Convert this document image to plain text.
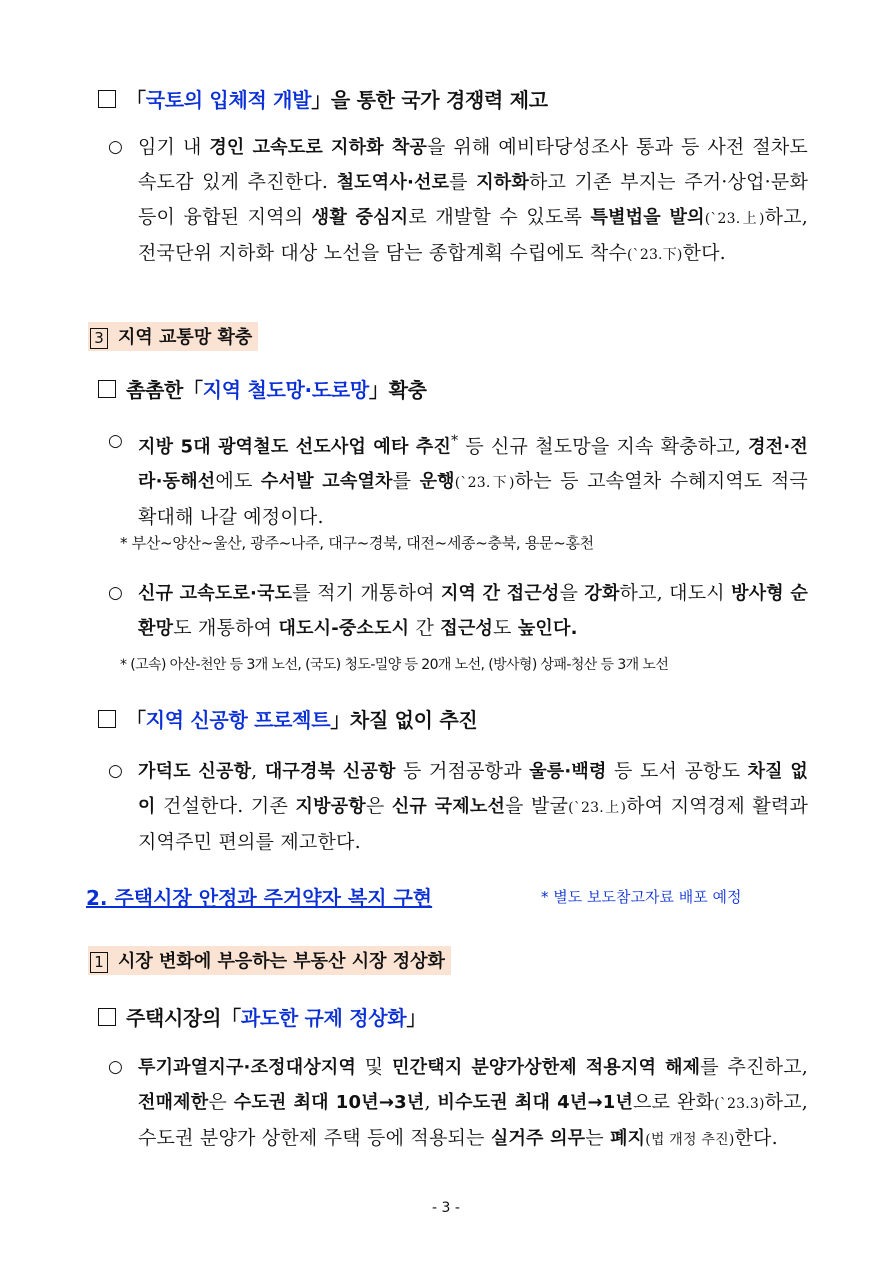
「국토의 입체적 개발」을 통한 국가 경쟁력 제고
○ 임기 내 경인 고속도로 지하화 착공을 위해 예비타당성조사 통과 등 사전 절차도 속도감 있게 추진한다. 철도역사·선로를 지하화하고 기존 부지는 주거·상업·문화 등이 융합된 지역의 생활 중심지로 개발할 수 있도록 특별법을 발의(`23.上)하고, 전국단위 지하화 대상 노선을 담는 종합계획 수립에도 착수(`23.下)한다.
3 지역 교통망 확충
촘촘한「지역 철도망·도로망」확충
○ 지방 5대 광역철도 선도사업 예타 추진* 등 신규 철도망을 지속 확충하고, 경전·전라·동해선에도 수서발 고속열차를 운행(`23.下)하는 등 고속열차 수혜지역도 적극 확대해 나갈 예정이다.
* 부산~양산~울산, 광주~나주, 대구~경북, 대전~세종~충북, 용문~홍천
○ 신규 고속도로·국도를 적기 개통하여 지역 간 접근성을 강화하고, 대도시 방사형 순환망도 개통하여 대도시-중소도시 간 접근성도 높인다.
* (고속) 아산-천안 등 3개 노선, (국도) 청도-밀양 등 20개 노선, (방사형) 상패-청산 등 3개 노선
「지역 신공항 프로젝트」차질 없이 추진
○ 가덕도 신공항, 대구경북 신공항 등 거점공항과 울릉·백령 등 도서 공항도 차질 없이 건설한다. 기존 지방공항은 신규 국제노선을 발굴(`23.上)하여 지역경제 활력과 지역주민 편의를 제고한다.
2. 주택시장 안정과 주거약자 복지 구현	* 별도 보도참고자료 배포 예정
1 시장 변화에 부응하는 부동산 시장 정상화
주택시장의「과도한 규제 정상화」
○ 투기과열지구·조정대상지역 및 민간택지 분양가상한제 적용지역 해제를 추진하고, 전매제한은 수도권 최대 10년→3년, 비수도권 최대 4년→1년으로 완화(`23.3)하고, 수도권 분양가 상한제 주택 등에 적용되는 실거주 의무는 폐지(법 개정 추진)한다.
- 3 -
